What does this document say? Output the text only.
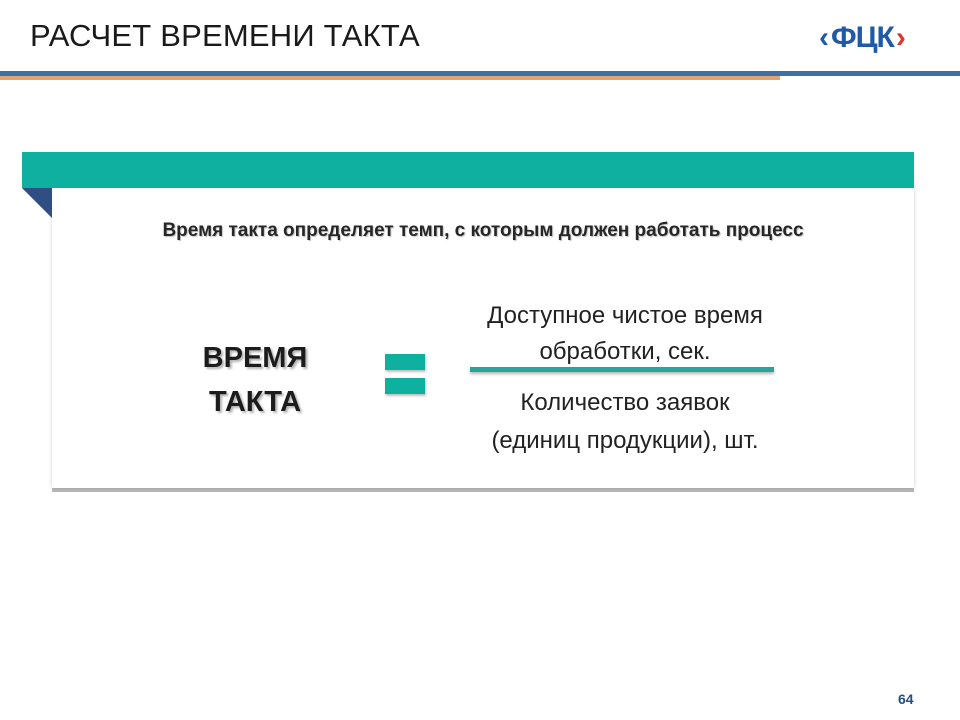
РАСЧЕТ ВРЕМЕНИ ТАКТА	‹ ФЦК ›
Время такта определяет темп, с которым должен работать процесс
ВРЕМЯ
ТАКТА
Доступное чистое время
обработки, сек.
Количество заявок
(единиц продукции), шт.
64
